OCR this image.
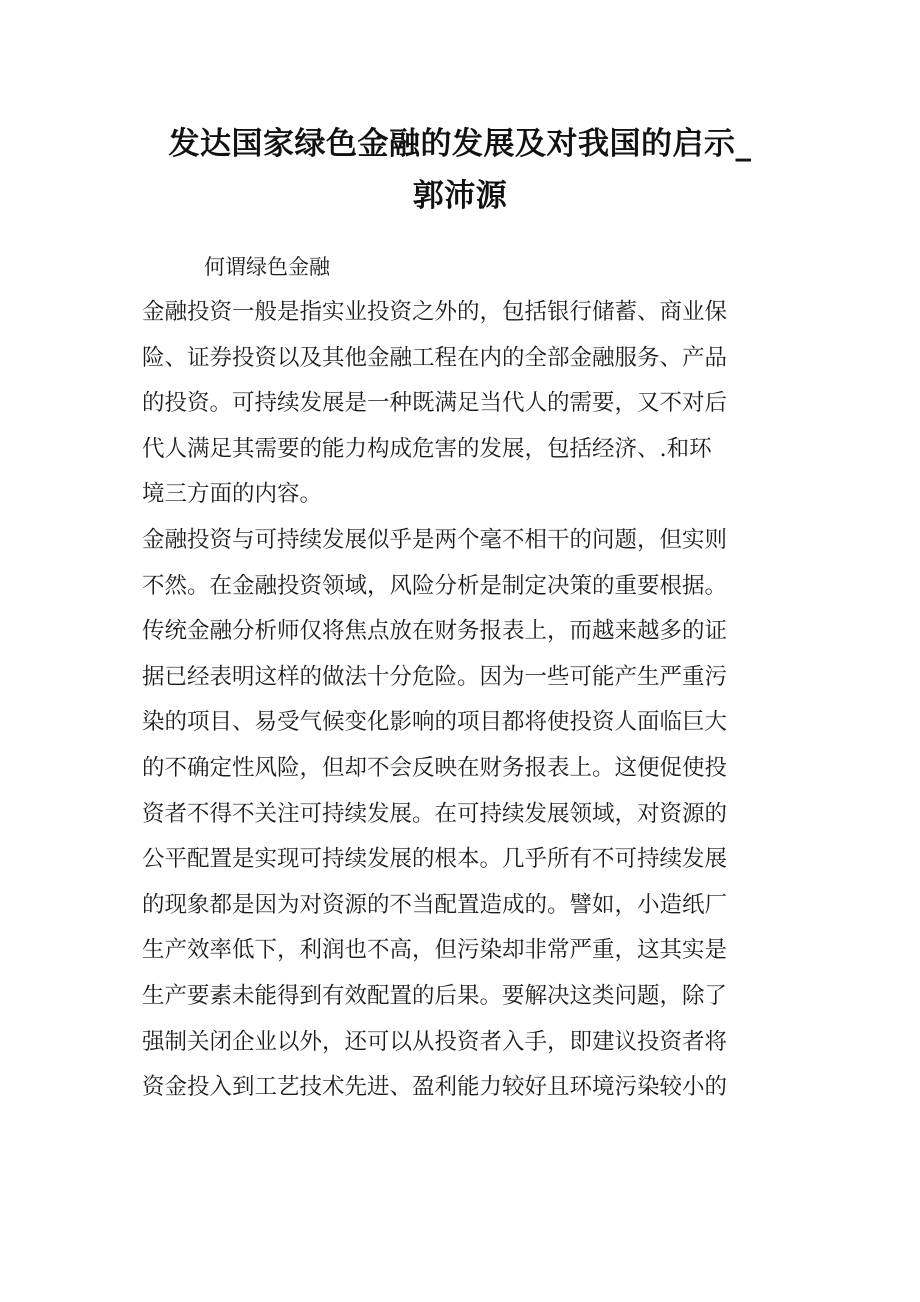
发达国家绿色金融的发展及对我国的启示_
郭沛源
何谓绿色金融
金融投资一般是指实业投资之外的，包括银行储蓄、商业保
险、证券投资以及其他金融工程在内的全部金融服务、产品
的投资。可持续发展是一种既满足当代人的需要，又不对后
代人满足其需要的能力构成危害的发展，包括经济、.和环
境三方面的内容。
金融投资与可持续发展似乎是两个毫不相干的问题，但实则
不然。在金融投资领域，风险分析是制定决策的重要根据。
传统金融分析师仅将焦点放在财务报表上，而越来越多的证
据已经表明这样的做法十分危险。因为一些可能产生严重污
染的项目、易受气候变化影响的项目都将使投资人面临巨大
的不确定性风险，但却不会反映在财务报表上。这便促使投
资者不得不关注可持续发展。在可持续发展领域，对资源的
公平配置是实现可持续发展的根本。几乎所有不可持续发展
的现象都是因为对资源的不当配置造成的。譬如，小造纸厂
生产效率低下，利润也不高，但污染却非常严重，这其实是
生产要素未能得到有效配置的后果。要解决这类问题，除了
强制关闭企业以外，还可以从投资者入手，即建议投资者将
资金投入到工艺技术先进、盈利能力较好且环境污染较小的
